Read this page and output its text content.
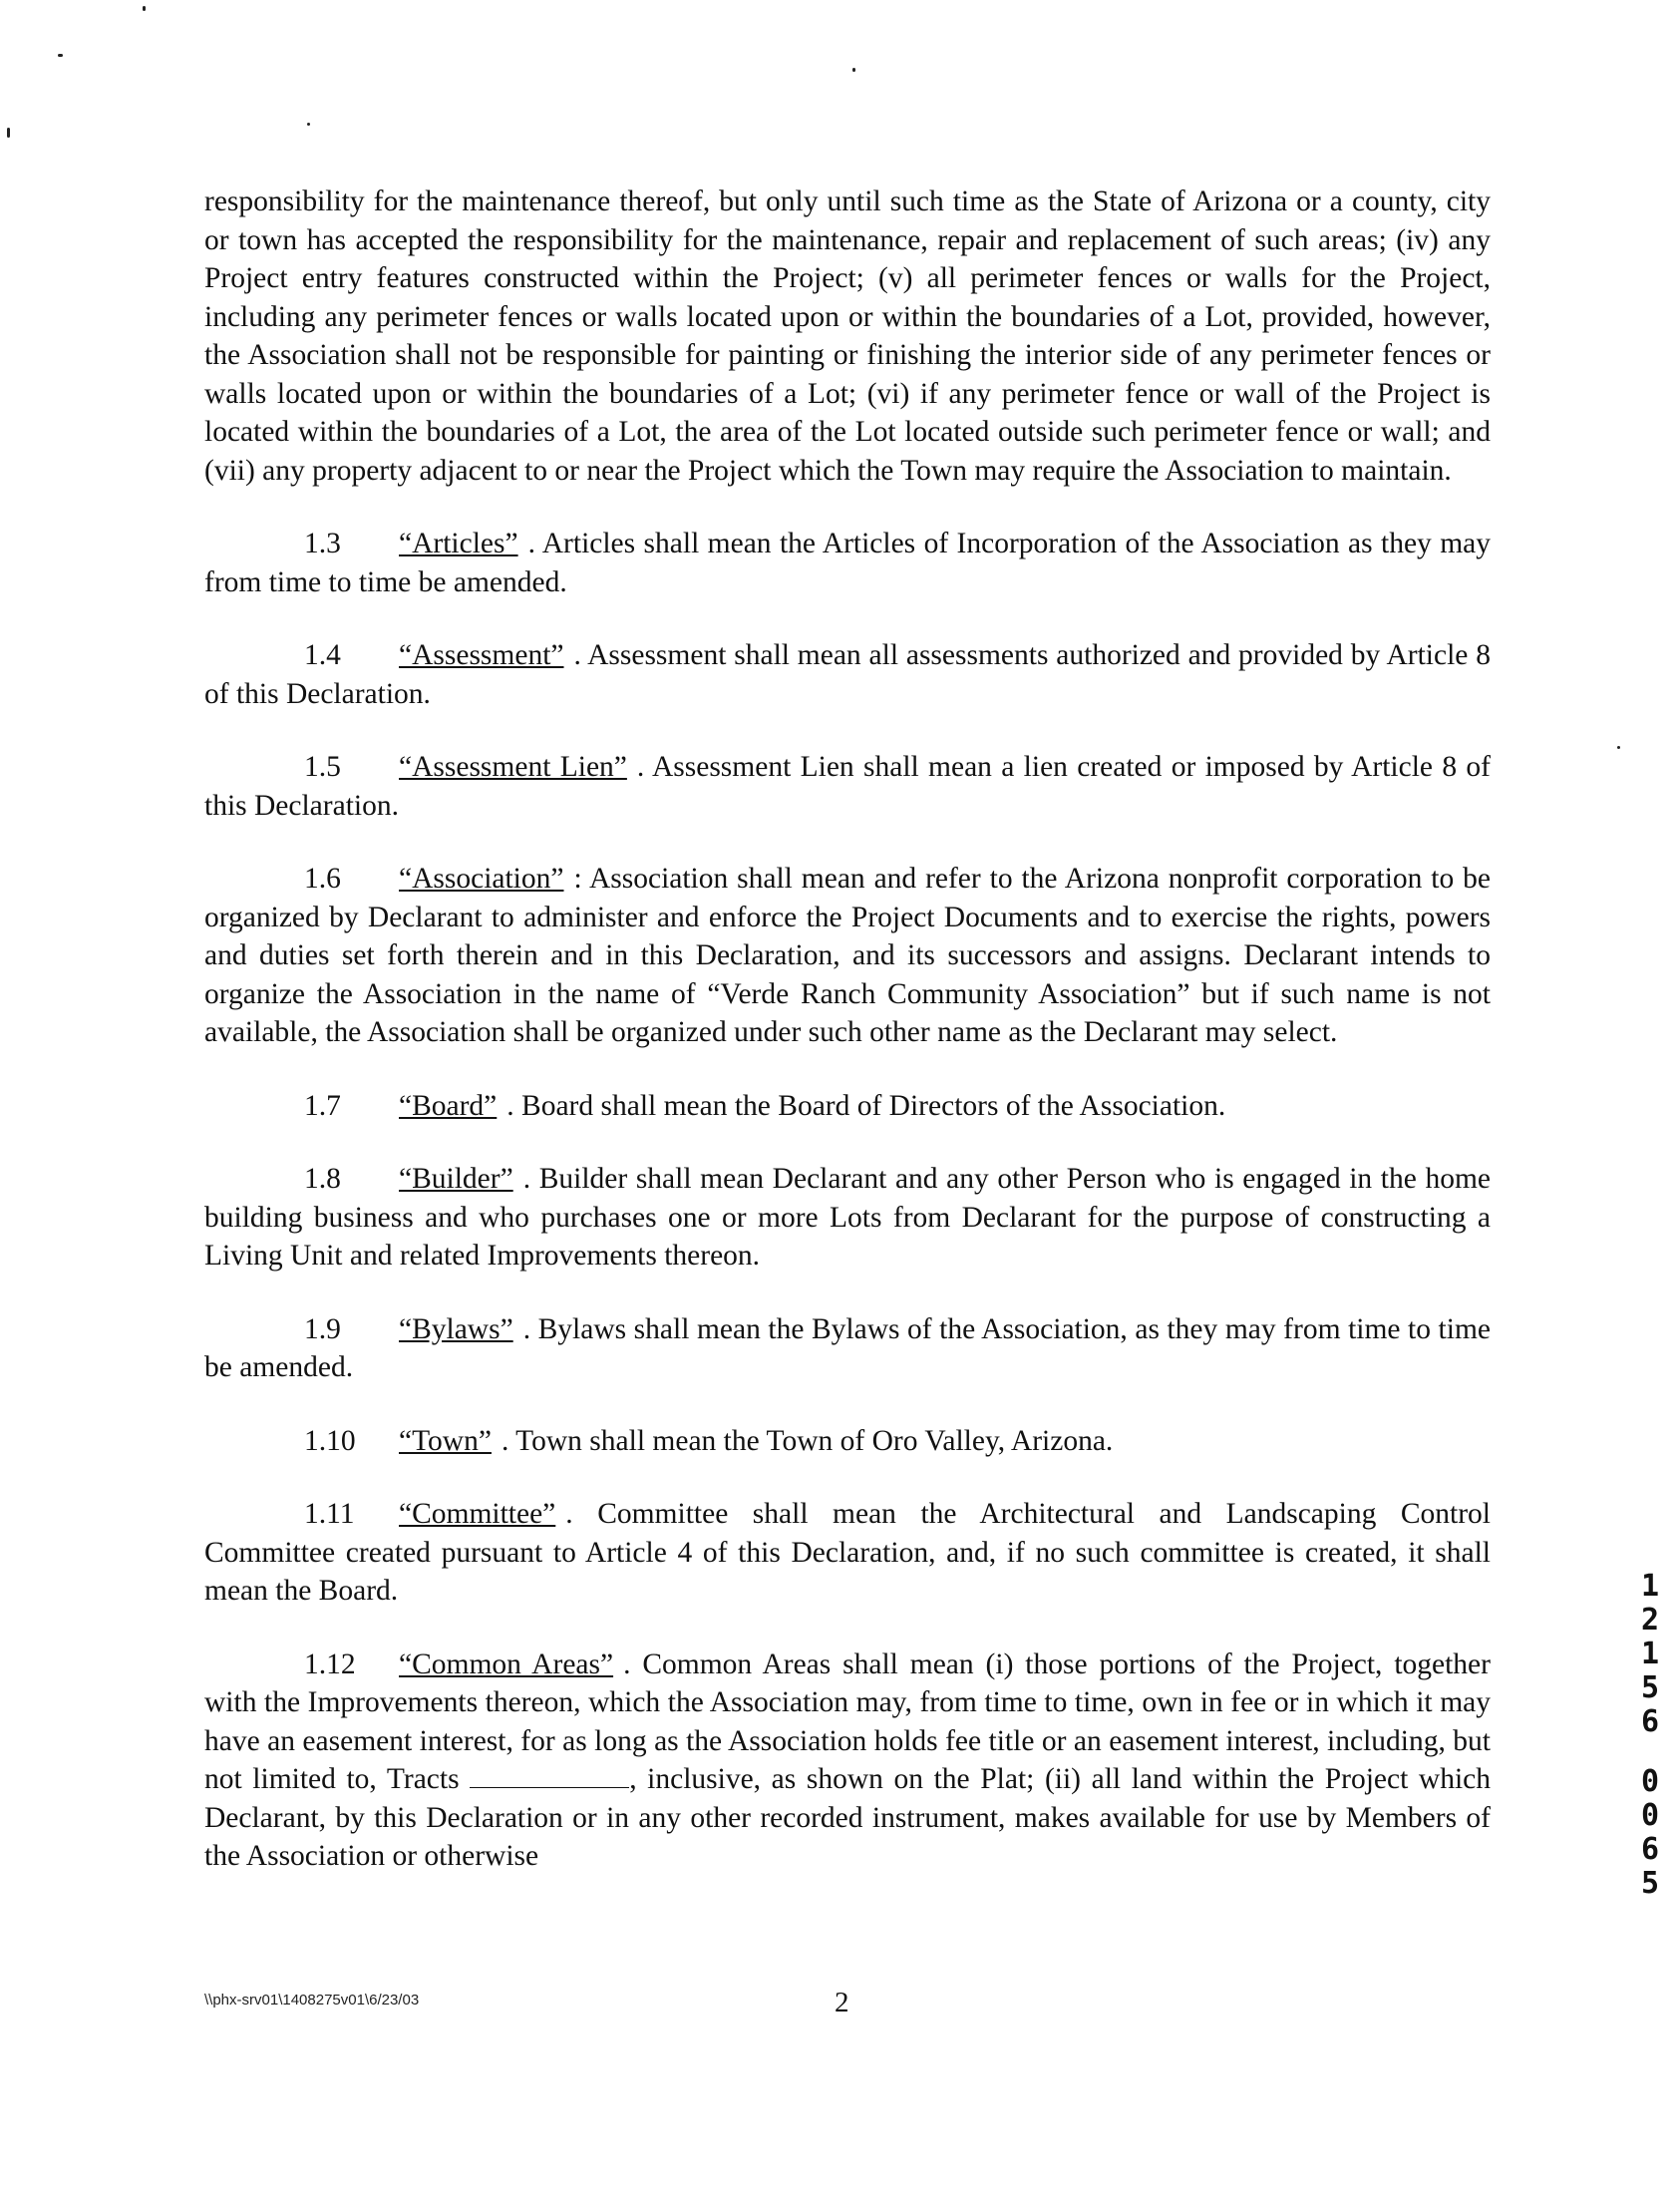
responsibility for the maintenance thereof, but only until such time as the State of Arizona or a county, city or town has accepted the responsibility for the maintenance, repair and replacement of such areas; (iv) any Project entry features constructed within the Project; (v) all perimeter fences or walls for the Project, including any perimeter fences or walls located upon or within the boundaries of a Lot, provided, however, the Association shall not be responsible for painting or finishing the interior side of any perimeter fences or walls located upon or within the boundaries of a Lot; (vi) if any perimeter fence or wall of the Project is located within the boundaries of a Lot, the area of the Lot located outside such perimeter fence or wall; and (vii) any property adjacent to or near the Project which the Town may require the Association to maintain.

1.3 “Articles” . Articles shall mean the Articles of Incorporation of the Association as they may from time to time be amended.

1.4 “Assessment” . Assessment shall mean all assessments authorized and provided by Article 8 of this Declaration.

1.5 “Assessment Lien” . Assessment Lien shall mean a lien created or imposed by Article 8 of this Declaration.

1.6 “Association” : Association shall mean and refer to the Arizona nonprofit corporation to be organized by Declarant to administer and enforce the Project Documents and to exercise the rights, powers and duties set forth therein and in this Declaration, and its successors and assigns. Declarant intends to organize the Association in the name of “Verde Ranch Community Association” but if such name is not available, the Association shall be organized under such other name as the Declarant may select.

1.7 “Board” . Board shall mean the Board of Directors of the Association.

1.8 “Builder” . Builder shall mean Declarant and any other Person who is engaged in the home building business and who purchases one or more Lots from Declarant for the purpose of constructing a Living Unit and related Improvements thereon.

1.9 “Bylaws” . Bylaws shall mean the Bylaws of the Association, as they may from time to time be amended.

1.10 “Town” . Town shall mean the Town of Oro Valley, Arizona.

1.11 “Committee” . Committee shall mean the Architectural and Landscaping Control Committee created pursuant to Article 4 of this Declaration, and, if no such committee is created, it shall mean the Board.

1.12 “Common Areas” . Common Areas shall mean (i) those portions of the Project, together with the Improvements thereon, which the Association may, from time to time, own in fee or in which it may have an easement interest, for as long as the Association holds fee title or an easement interest, including, but not limited to, Tracts	, inclusive, as shown on the Plat; (ii) all land within the Project which Declarant, by this Declaration or in any other recorded instrument, makes available for use by Members of the Association or otherwise

1
2
1
5
6
0
0
6
5
\\phx-srv01\1408275v01\6/23/03	2
